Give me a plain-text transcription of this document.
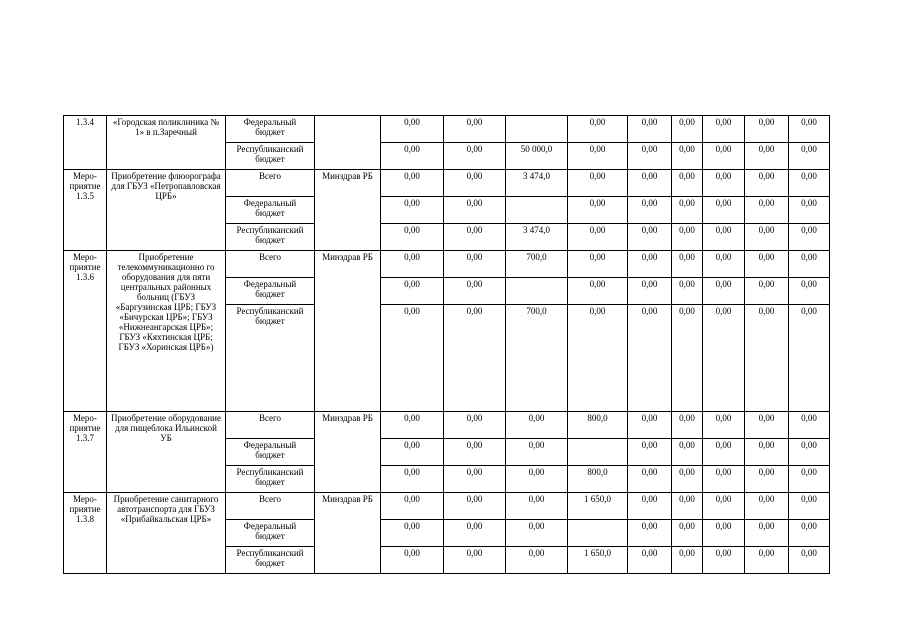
1.3.4	«Городская поликлиника № 1» в п.Заречный	Федеральный бюджет		0,00	0,00		0,00	0,00	0,00	0,00	0,00	0,00
		Республиканский бюджет		0,00	0,00	50 000,0	0,00	0,00	0,00	0,00	0,00	0,00
Меро-приятие 1.3.5	Приобретение флюорографа для ГБУЗ «Петропавловская ЦРБ»	Всего	Минздрав РБ	0,00	0,00	3 474,0	0,00	0,00	0,00	0,00	0,00	0,00
		Федеральный бюджет		0,00	0,00		0,00	0,00	0,00	0,00	0,00	0,00
		Республиканский бюджет		0,00	0,00	3 474,0	0,00	0,00	0,00	0,00	0,00	0,00
Меро-приятие 1.3.6	Приобретение телекоммуникационно го оборудования для пяти центральных районных больниц (ГБУЗ «Баргузинская ЦРБ; ГБУЗ «Бичурская ЦРБ»; ГБУЗ «Нижнеангарская ЦРБ»; ГБУЗ «Кяхтинская ЦРБ; ГБУЗ «Хоринская ЦРБ»)	Всего	Минздрав РБ	0,00	0,00	700,0	0,00	0,00	0,00	0,00	0,00	0,00
		Федеральный бюджет		0,00	0,00		0,00	0,00	0,00	0,00	0,00	0,00
		Республиканский бюджет		0,00	0,00	700,0	0,00	0,00	0,00	0,00	0,00	0,00
Меро-приятие 1.3.7	Приобретение оборудование для пищеблока Ильинской УБ	Всего	Минздрав РБ	0,00	0,00	0,00	800,0	0,00	0,00	0,00	0,00	0,00
		Федеральный бюджет		0,00	0,00	0,00		0,00	0,00	0,00	0,00	0,00
		Республиканский бюджет		0,00	0,00	0,00	800,0	0,00	0,00	0,00	0,00	0,00
Меро-приятие 1.3.8	Приобретение санитарного автотранспорта для ГБУЗ «Прибайкальская ЦРБ»	Всего	Минздрав РБ	0,00	0,00	0,00	1 650,0	0,00	0,00	0,00	0,00	0,00
		Федеральный бюджет		0,00	0,00	0,00		0,00	0,00	0,00	0,00	0,00
		Республиканский бюджет		0,00	0,00	0,00	1 650,0	0,00	0,00	0,00	0,00	0,00
